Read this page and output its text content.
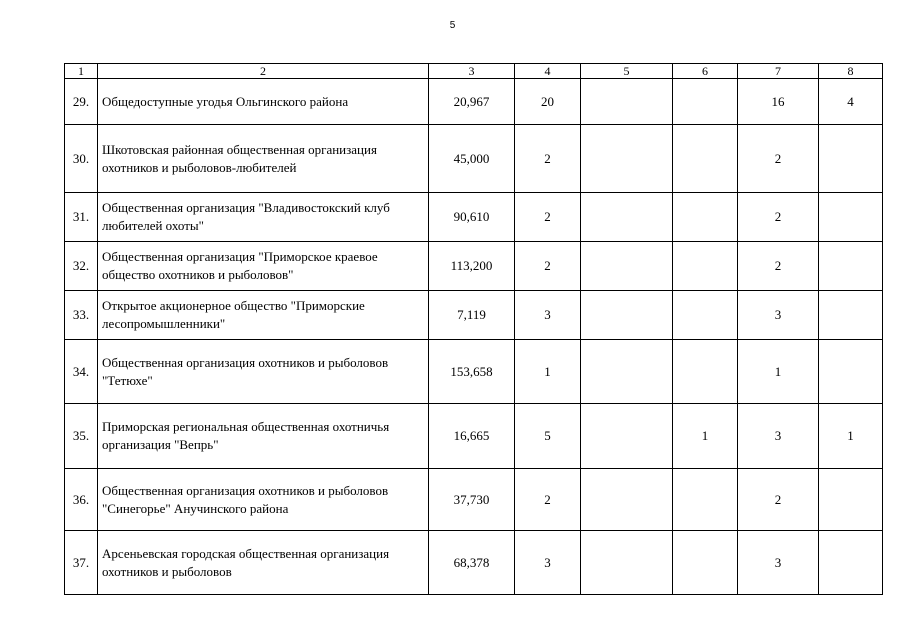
5
1	2	3	4	5	6	7	8
29.	Общедоступные угодья Ольгинского района	20,967	20			16	4
30.	Шкотовская районная общественная организация охотников и рыболовов-любителей	45,000	2			2	
31.	Общественная организация "Владивостокский клуб любителей охоты"	90,610	2			2	
32.	Общественная организация "Приморское краевое общество охотников и рыболовов"	113,200	2			2	
33.	Открытое акционерное общество "Приморские лесопромышленники"	7,119	3			3	
34.	Общественная организация охотников и рыболовов "Тетюхе"	153,658	1			1	
35.	Приморская региональная общественная охотничья организация "Вепрь"	16,665	5		1	3	1
36.	Общественная организация охотников и рыболовов "Синегорье" Анучинского района	37,730	2			2	
37.	Арсеньевская городская общественная организация охотников и рыболовов	68,378	3			3	
